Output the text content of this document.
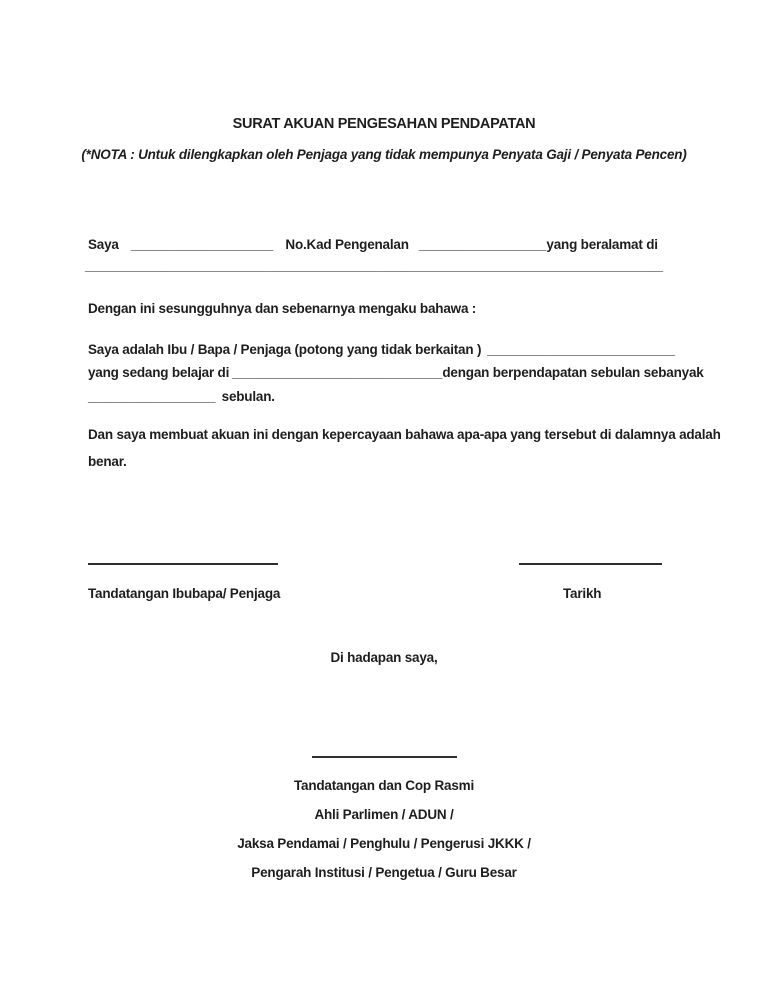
SURAT AKUAN PENGESAHAN PENDAPATAN
(*NOTA : Untuk dilengkapkan oleh Penjaga yang tidak mempunya Penyata Gaji / Penyata Pencen)
Saya ___________________ No.Kad Pengenalan _________________yang beralamat di
_____________________________________________________________________________
Dengan ini sesungguhnya dan sebenarnya mengaku bahawa :
Saya adalah Ibu / Bapa / Penjaga (potong yang tidak berkaitan ) _________________________
yang sedang belajar di ____________________________dengan berpendapatan sebulan sebanyak
_________________ sebulan.
Dan saya membuat akuan ini dengan kepercayaan bahawa apa-apa yang tersebut di dalamnya adalah
benar.
Tandatangan Ibubapa/ Penjaga	Tarikh
Di hadapan saya,
Tandatangan dan Cop Rasmi
Ahli Parlimen / ADUN /
Jaksa Pendamai / Penghulu / Pengerusi JKKK /
Pengarah Institusi / Pengetua / Guru Besar
